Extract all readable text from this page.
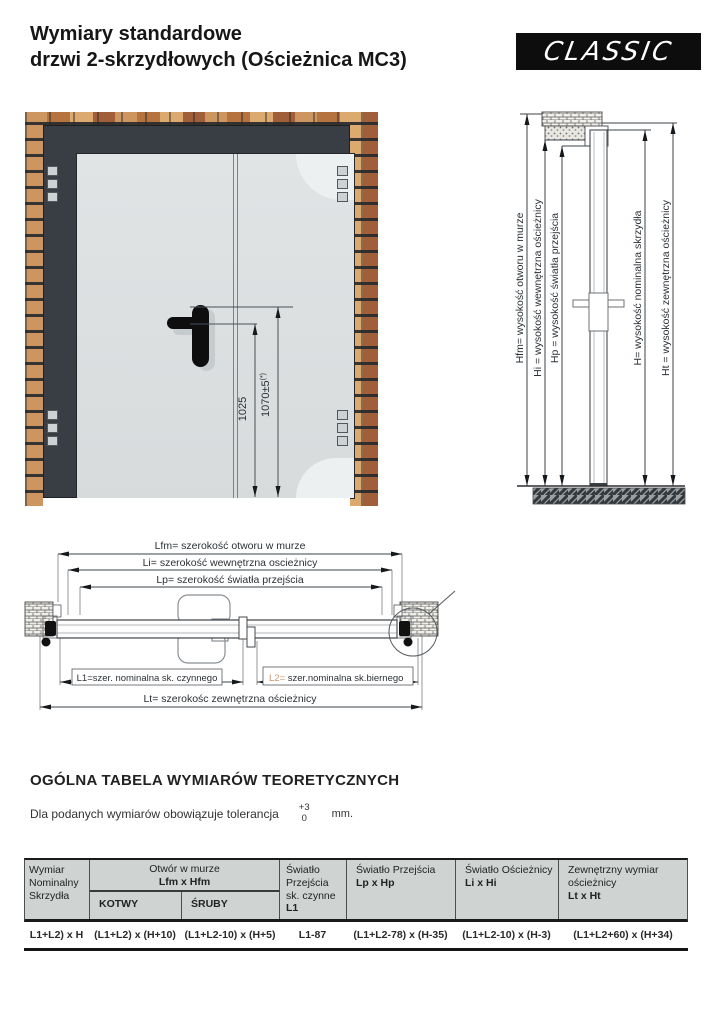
Wymiary standardowe
drzwi 2-skrzydłowych (Ościeżnica MC3)	CLASSIC
1025 1070±5(*)
Hfm= wysokość otworu w murze Hi = wysokość wewnętrzna ościeżnicy Hp = wysokość światła przejścia	H= wysokość nominalna skrzydła Ht = wysokość zewnętrzna ościeżnicy
Lfm= szerokość otworu w murze
Li= szerokość wewnętrzna oscieżnicy
Lp= szerokość światła przejścia
L1=szer. nominalna sk. czynnego	L2= szer.nominalna sk.biernego
Lt= szerokośc zewnętrzna ościeżnicy
OGÓLNA TABELA WYMIARÓW TEORETYCZNYCH
Dla podanych wymiarów obowiązuje tolerancja +3
0 mm.
Wymiar
Nominalny
Skrzydła
Otwór w murze
Lfm x Hfm
KOTWY	ŚRUBY
Światło
Przejścia
sk. czynne
L1
Światło Przejścia
Lp x Hp
Światło Ościeżnicy
Li x Hi
Zewnętrzny wymiar
ościeżnicy
Lt x Ht
L1+L2) x H	(L1+L2) x (H+10) (L1+L2-10) x (H+5)	L1-87	(L1+L2-78) x (H-35)	(L1+L2-10) x (H-3)	(L1+L2+60) x (H+34)
